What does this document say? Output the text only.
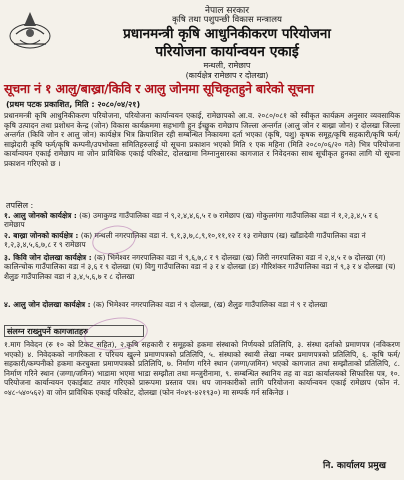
नेपाल सरकार
कृषि तथा पशुपन्छी विकास मन्त्रालय
प्रधानमन्त्री कृषि आधुनिकीकरण परियोजना
परियोजना कार्यान्वयन एकाई
मन्थली, रामेछाप
(कार्यक्षेत्र रामेछाप र दोलखा)
सूचना नं १ आलु/बाख्रा/किवि र आलु जोनमा सूचिकृतहुने बारेको सूचना
(प्रथम पटक प्रकाशित, मिति : २०८०/०४/२१)
प्रधानमन्त्री कृषि आधुनिकीकरण परियोजना, परियोजना कार्यान्वयन एकाई, रामेछापको आ.व. २०८०/०८१ को स्वीकृत कार्यक्रम अनुसार व्यवसायिक कृषि उत्पादन तथा प्रशोधन केन्द्र (जोन) विकास कार्यक्रममा सहभागी हुन ईच्छुक रामेछाप जिल्ला अन्तर्गत (आलु जोन र बाख्रा जोन) र दोलखा जिल्ला अन्तर्गत (किवि जोन र आलु जोन) कार्यक्षेत्र भित्र क्रियाशिल रही सम्बन्धित निकायमा दर्ता भएका (कृषि, पशु) कृषक समूह/कृषि सहकारी/कृषि फर्म/साझेदारी कृषि फर्म/कृषि कम्पनी/उपभोक्ता समितिहरुलाई यो सूचना प्रकाशन भएको मिति १ एक महिना (मिति २०८०/०६/२० गते) भित्र परियोजना कार्यान्वयन एकाई रामेछाप मा जोन प्राविधिक एकाई परिकोट, दोलखामा निम्नानुसारका कागजात र निवेदनका साथ सूचीकृत हुनका लागि यो सूचना प्रकाशन गरिएको छ ।
तपसिल :
१. आलु जोनको कार्यक्षेत्र : (क) उमाकुण्ड गाउँपालिका वडा नं ९,२,४,४,६,५ र ७ रामेछाप (ख) गोकुलगंगा गाउँपालिका वडा नं १,२,३,४,५ र ६ रामेछाप
२. बाख्रा जोनको कार्यक्षेत्र : (क) मन्थली नगरपालिका वडा नं. ९,१,३,७,८,९,१०,११,१२ र १३ रामेछाप (ख) खाँडादेवी गाउँपालिका वडा नं १,२,३,४,५,६,७,८ र ९ रामेछाप
३. किवि जोन दोलखा कार्यक्षेत्र : (क) भिमेश्वर नगरपालिका वडा नं ९,६,७,८ र ९ दोलखा (ख) जिरी नगरपालिका वडा नं २,४,५ र ७ दोलखा (ग) कालिन्चोक गाउँपालिका वडा नं ३,६ र ९ दोलखा (घ) विगु गाउँपालिका वडा नं ३ र ४ दोलखा (ङ) गौरिशंकर गाउँपालिका वडा नं ९,३ र ४ दोलखा (च) शैलुङ गाउँपालिका वडा नं ३,४,५,६,७ र ८ दोलखा
४. आलु जोन दोलखा कार्यक्षेत्र : (क) भिमेश्वर नगरपालिका वडा नं ९ दोलखा, (ख) शैलुङ गाउँपालिका वडा नं ९ र दोलखा
संलग्न राख्नुपर्ने कागजातहरु
१.माग निवेदन (रु १० को टिकट सहित), २.कृषि सहकारी र समूहको हकमा संस्थाको निर्णयको प्रतिलिपि, ३. संस्था दर्ताको प्रमाणपत्र (नविकरण भएको) ४. निवेदकको नागरिकता र परिचय खुल्ने प्रमाणपत्रको प्रतिलिपि, ५. संस्थाको स्थायी लेखा नम्बर प्रमाणपत्रको प्रतिलिपि, ६. कृषि फर्म/सहकारी/कम्पनीको हकमा करचुक्ता प्रमाणपत्रको प्रतिलिपि, ७. निर्माण गरिने स्थान (जग्गा/जमिन) भएको कागजात तथा सम्झौताको प्रतिलिपि, ८. निर्माण गरिने स्थान (जग्गा/जमिन) भाडामा भएमा भाडा सम्झौता तथा मन्जुरीनामा, ९. सम्बन्धित स्थानिय तह वा वडा कार्यालयको सिफारिस पत्र, १०. परियोजना कार्यान्वयन एकाईबाट तयार गरिएको प्रारूपमा प्रस्ताव पत्र। थप जानकारीको लागि परियोजना कार्यान्वयन एकाई रामेछाप (फोन नं. ०४८-५४०५६२) वा जोन प्राविधिक एकाई परिकोट, दोलखा (फोन नं०४९-४२१९३०) मा सम्पर्क गर्न सकिनेछ ।
नि. कार्यालय प्रमुख
